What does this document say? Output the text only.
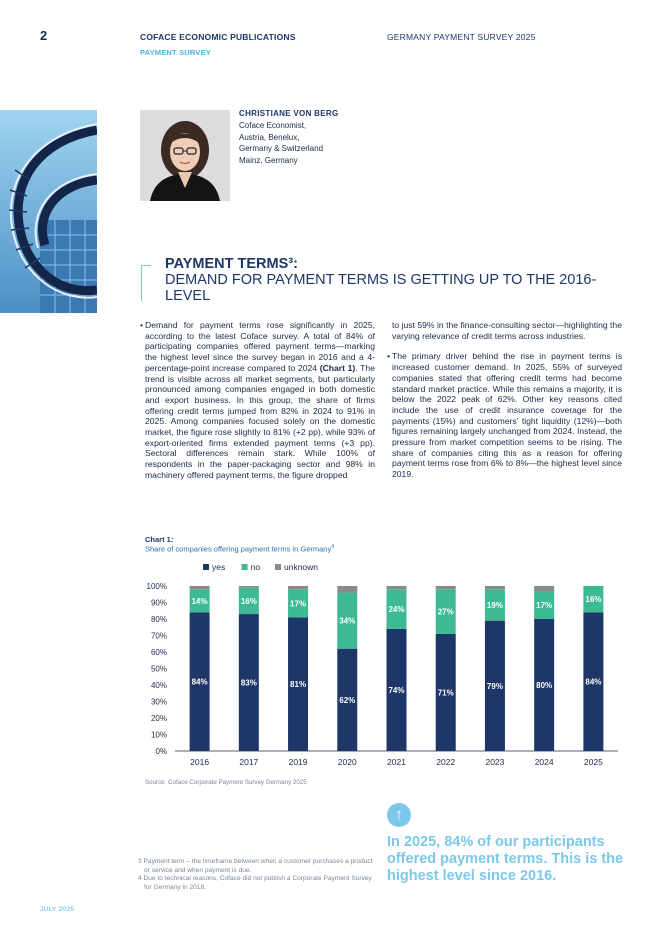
2	COFACE ECONOMIC PUBLICATIONS
PAYMENT SURVEY
GERMANY PAYMENT SURVEY 2025
CHRISTIANE VON BERG
Coface Economist,
Austria, Benelux,
Germany & Switzerland
Mainz, Germany
PAYMENT TERMS³:
DEMAND FOR PAYMENT TERMS IS GETTING UP TO THE 2016-LEVEL
• Demand for payment terms rose significantly in 2025, according to the latest Coface survey. A total of 84% of participating companies offered payment terms—marking the highest level since the survey began in 2016 and a 4-percentage-point increase compared to 2024 (Chart 1). The trend is visible across all market segments, but particularly pronounced among companies engaged in both domestic and export business. In this group, the share of firms offering credit terms jumped from 82% in 2024 to 91% in 2025. Among companies focused solely on the domestic market, the figure rose slightly to 81% (+2 pp), while 93% of export-oriented firms extended payment terms (+3 pp). Sectoral differences remain stark. While 100% of respondents in the paper-packaging sector and 98% in machinery offered payment terms, the figure dropped
to just 59% in the finance-consulting sector—highlighting the varying relevance of credit terms across industries.
• The primary driver behind the rise in payment terms is increased customer demand. In 2025, 55% of surveyed companies stated that offering credit terms had become standard market practice. While this remains a majority, it is below the 2022 peak of 62%. Other key reasons cited include the use of credit insurance coverage for the payments (15%) and customers' tight liquidity (12%)—both figures remaining largely unchanged from 2024. Instead, the pressure from market competition seems to be rising. The share of companies citing this as a reason for offering payment terms rose from 6% to 8%—the highest level since 2019.
Chart 1:
Share of companies offering payment terms in Germany$^4$
yes	no	unknown
0%
10%
20%
30%
40%
50%
60%
70%
80%
90%
100%
84%
14%
2016
83%
16%
2017
81%
17%
2019
62%
34%
2020
74%
24%
2021
71%
27%
2022
79%
19%
2023
80%
17%
2024
84%
16%
2025
Source: Coface Corporate Payment Survey Germany 2025
↑
In 2025, 84% of our participants offered payment terms. This is the highest level since 2016.
3 Payment term – the timeframe between when a customer purchases a product or service and when payment is due.
4 Due to technical reasons, Coface did not publish a Corporate Payment Survey for Germany in 2018.
JULY 2025
